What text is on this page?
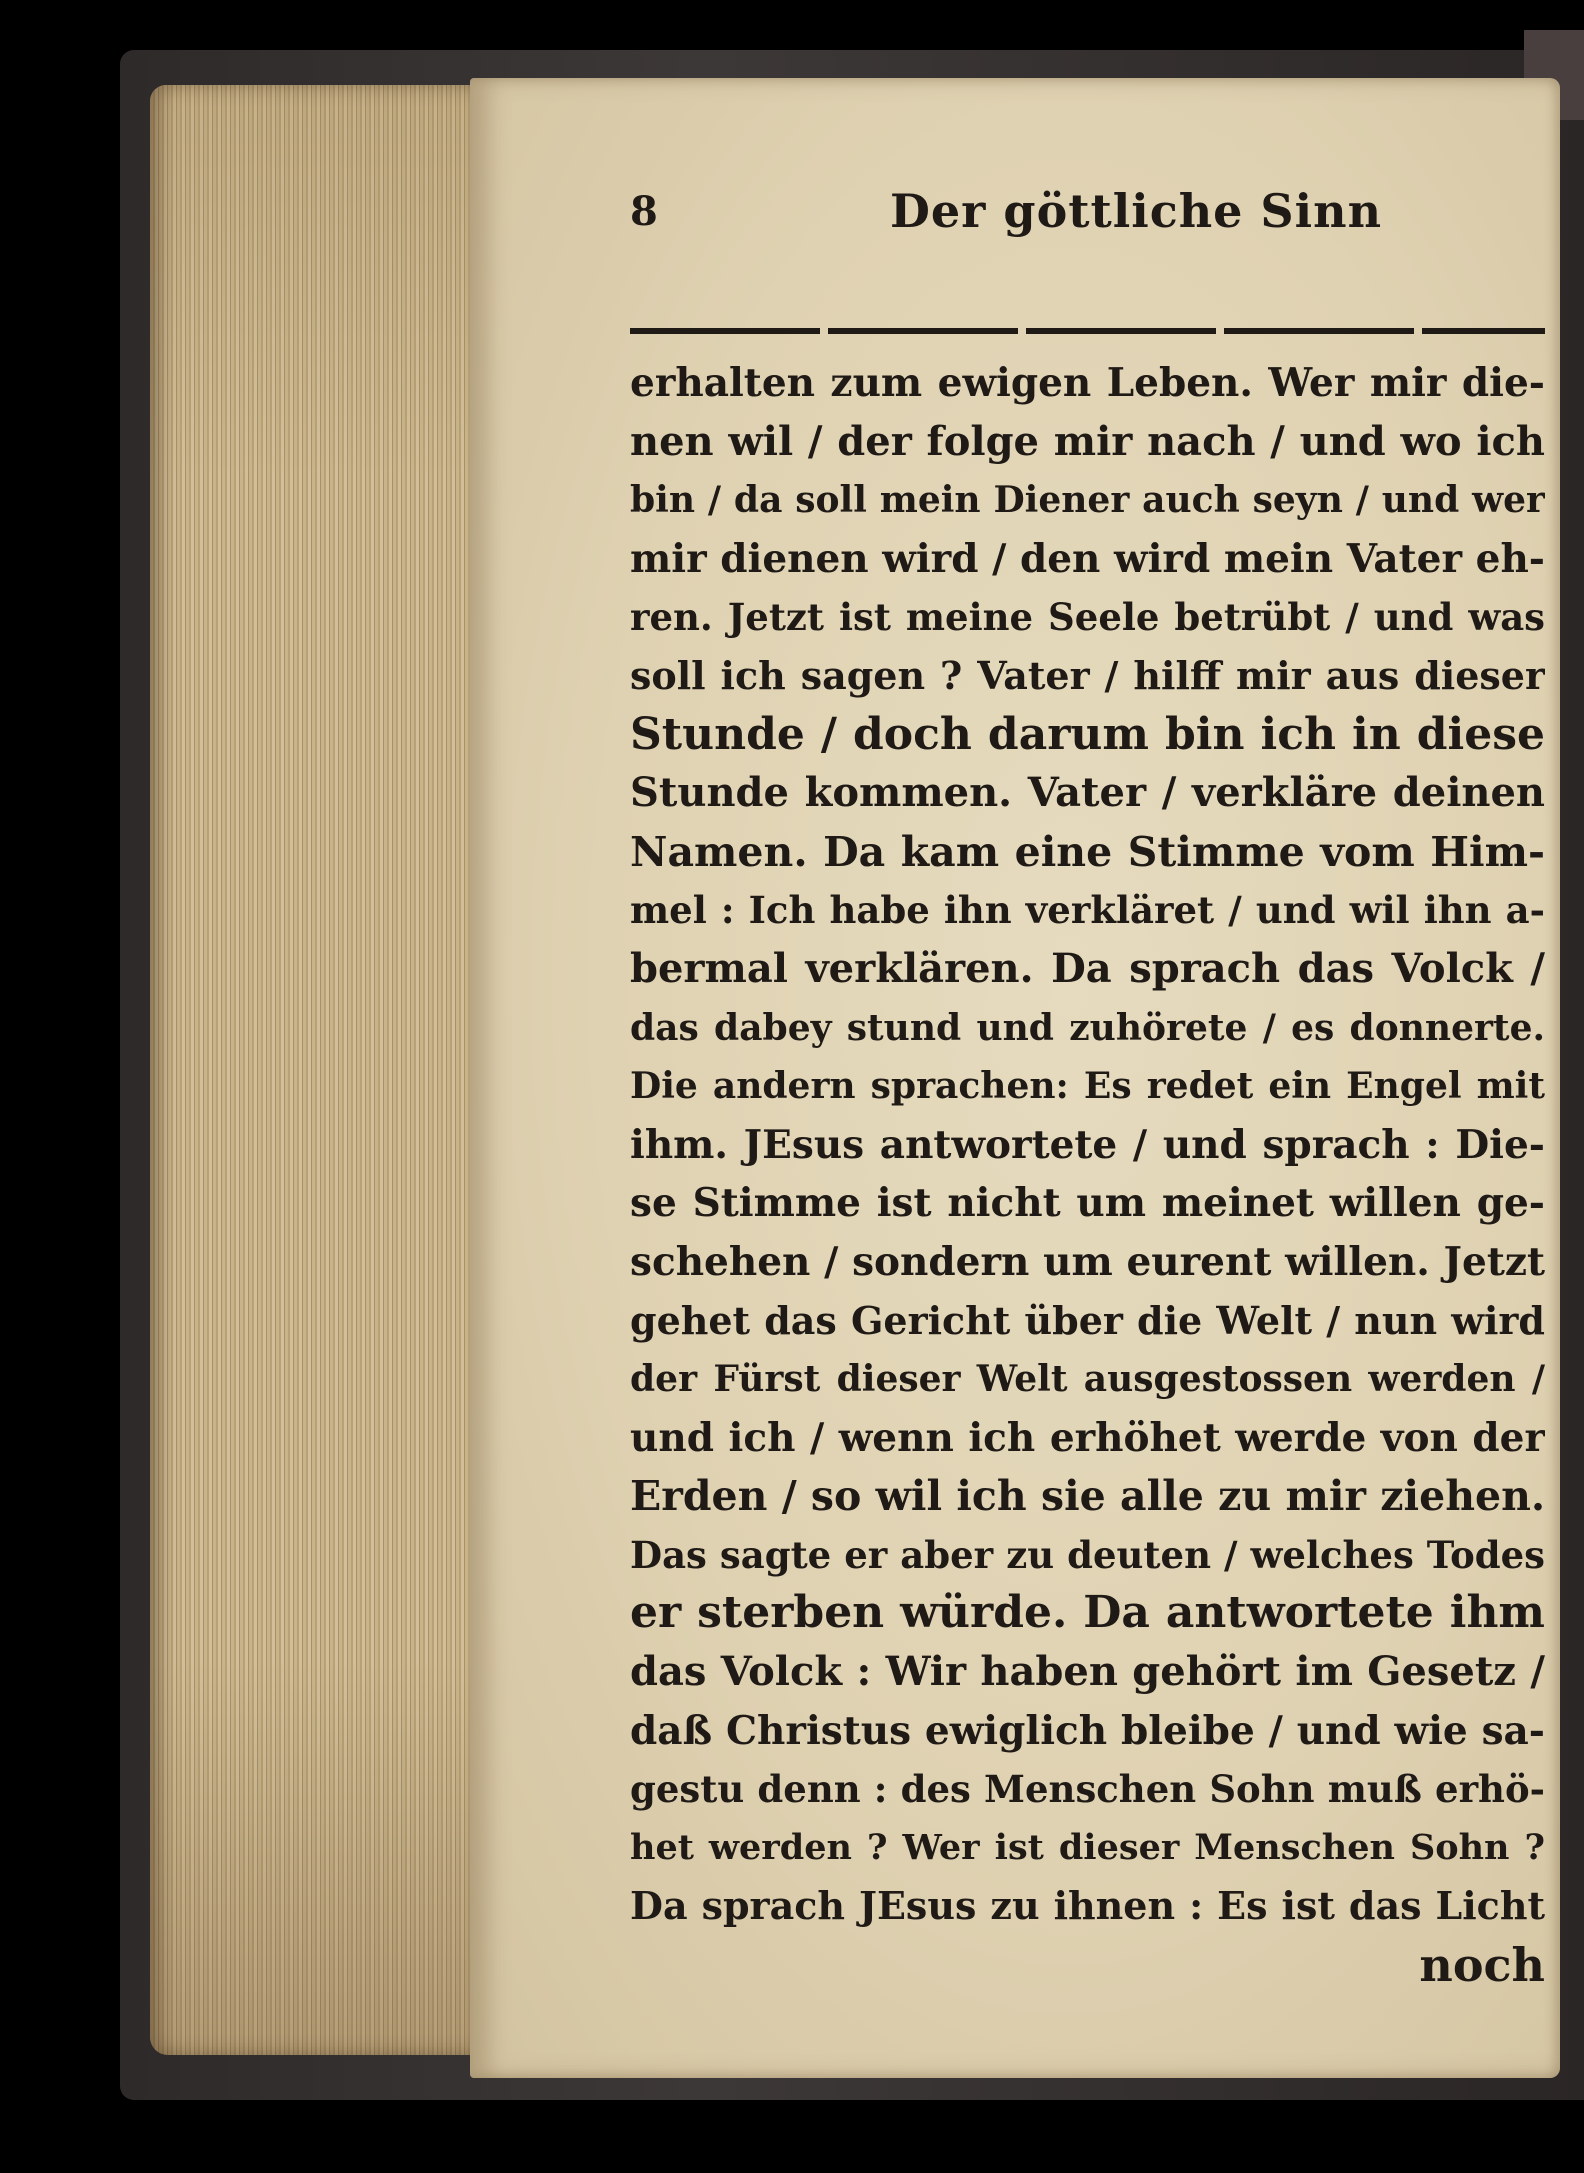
8	Der göttliche Sinn
erhalten zum ewigen Leben. Wer mir die-
nen wil / der folge mir nach / und wo ich
bin / da soll mein Diener auch seyn / und wer
mir dienen wird / den wird mein Vater eh-
ren. Jetzt ist meine Seele betrübt / und was
soll ich sagen ? Vater / hilff mir aus dieser
Stunde / doch darum bin ich in diese
Stunde kommen. Vater / verkläre deinen
Namen. Da kam eine Stimme vom Him-
mel : Ich habe ihn verkläret / und wil ihn a-
bermal verklären. Da sprach das Volck /
das dabey stund und zuhörete / es donnerte.
Die andern sprachen: Es redet ein Engel mit
ihm. JEsus antwortete / und sprach : Die-
se Stimme ist nicht um meinet willen ge-
schehen / sondern um eurent willen. Jetzt
gehet das Gericht über die Welt / nun wird
der Fürst dieser Welt ausgestossen werden /
und ich / wenn ich erhöhet werde von der
Erden / so wil ich sie alle zu mir ziehen.
Das sagte er aber zu deuten / welches Todes
er sterben würde. Da antwortete ihm
das Volck : Wir haben gehört im Gesetz /
daß Christus ewiglich bleibe / und wie sa-
gestu denn : des Menschen Sohn muß erhö-
het werden ? Wer ist dieser Menschen Sohn ?
Da sprach JEsus zu ihnen : Es ist das Licht
noch
